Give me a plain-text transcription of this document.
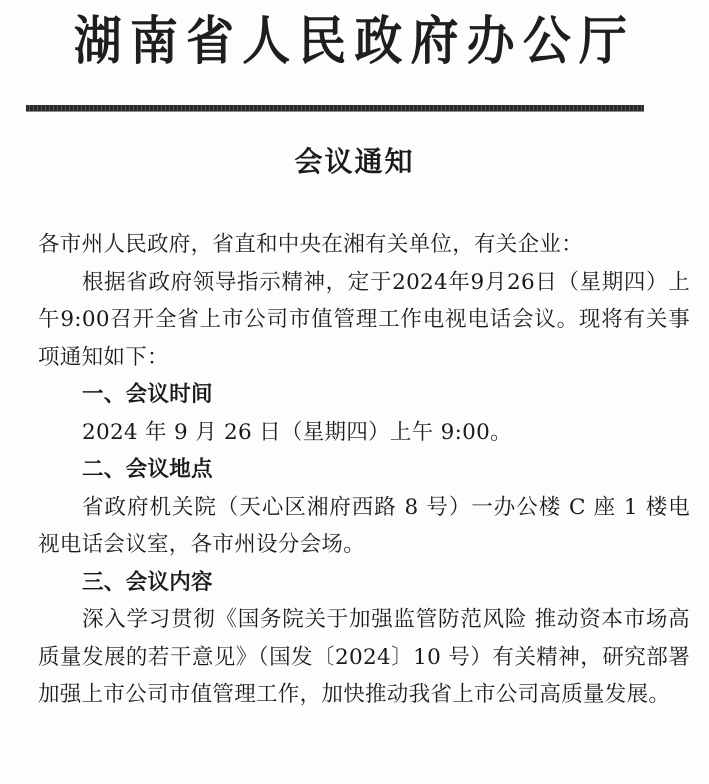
湖南省人民政府办公厅
会议通知

各市州人民政府，省直和中央在湘有关单位，有关企业：

根据省政府领导指示精神，定于2024年9月26日（星期四）上午9:00召开全省上市公司市值管理工作电视电话会议。现将有关事项通知如下：

一、会议时间

2024 年 9 月 26 日（星期四）上午 9:00。

二、会议地点

省政府机关院（天心区湘府西路 8 号）一办公楼 C 座 1 楼电视电话会议室，各市州设分会场。

三、会议内容

深入学习贯彻《国务院关于加强监管防范风险 推动资本市场高质量发展的若干意见》（国发〔2024〕10 号）有关精神，研究部署加强上市公司市值管理工作，加快推动我省上市公司高质量发展。
